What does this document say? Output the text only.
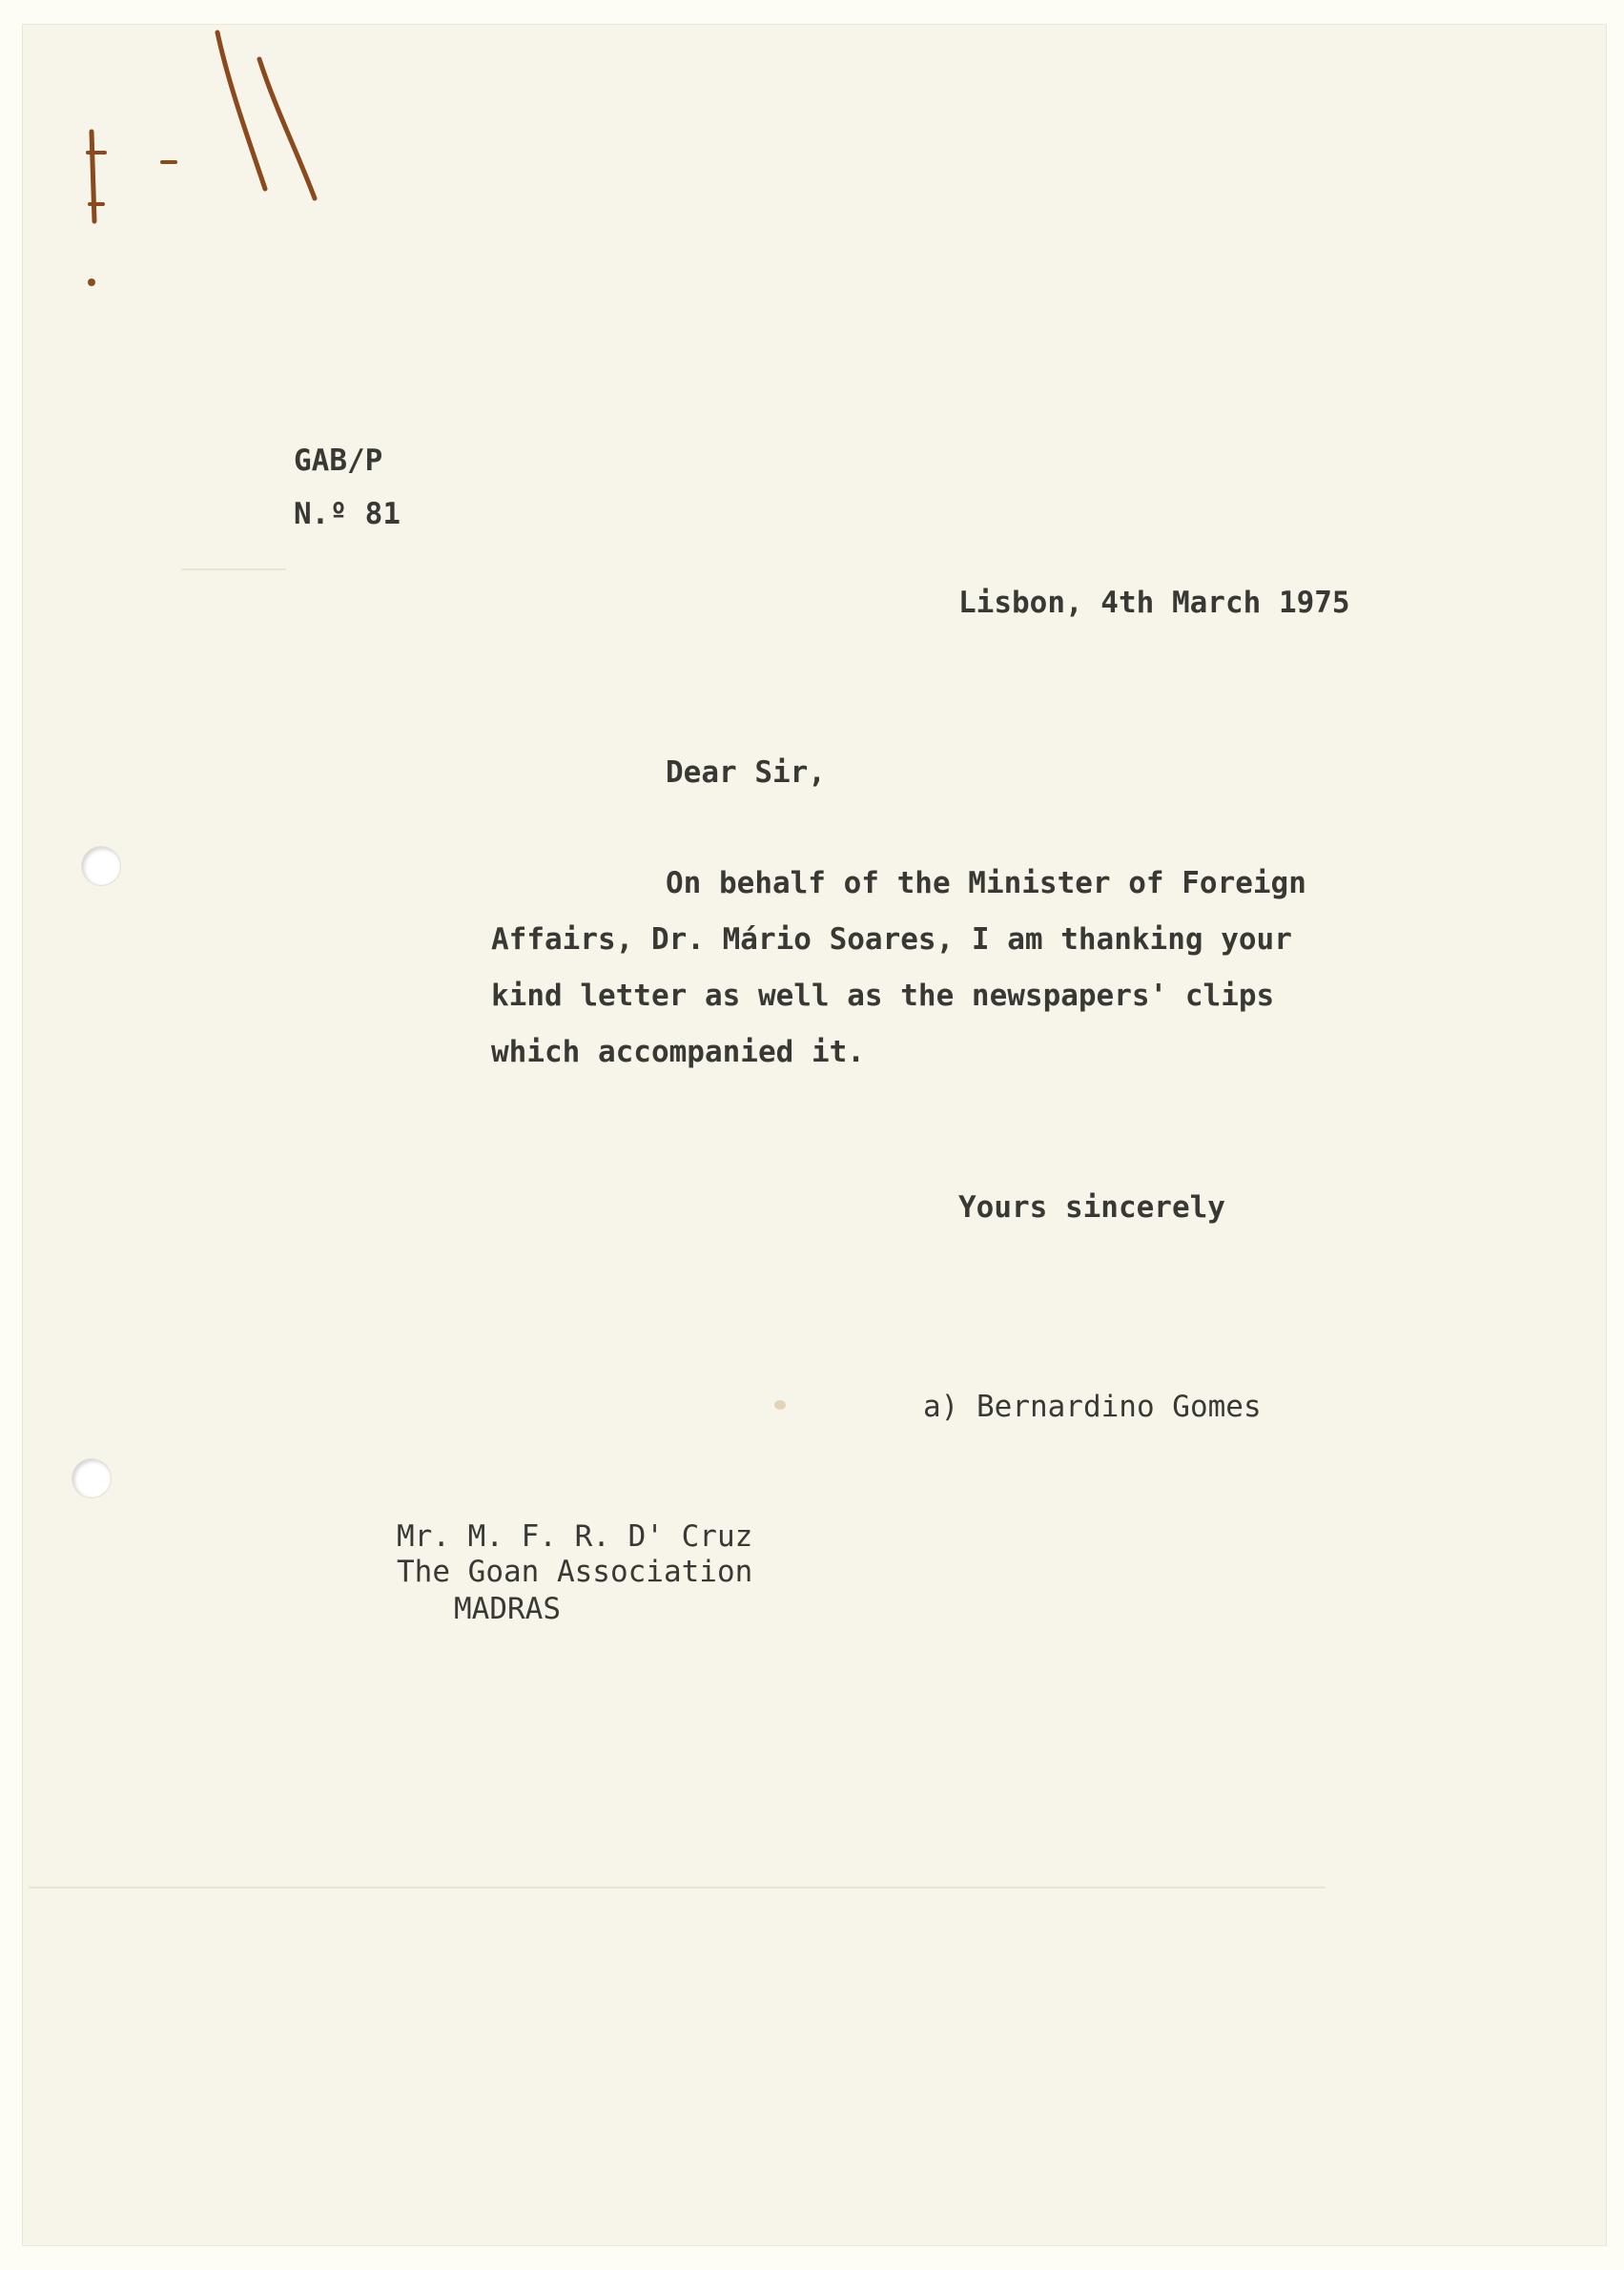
GAB/P

N.º 81

Lisbon, 4th March 1975

Dear Sir,

On behalf of the Minister of Foreign

Affairs, Dr. Mário Soares, I am thanking your

kind letter as well as the newspapers' clips

which accompanied it.

Yours sincerely

a) Bernardino Gomes

Mr. M. F. R. D' Cruz

The Goan Association

MADRAS
